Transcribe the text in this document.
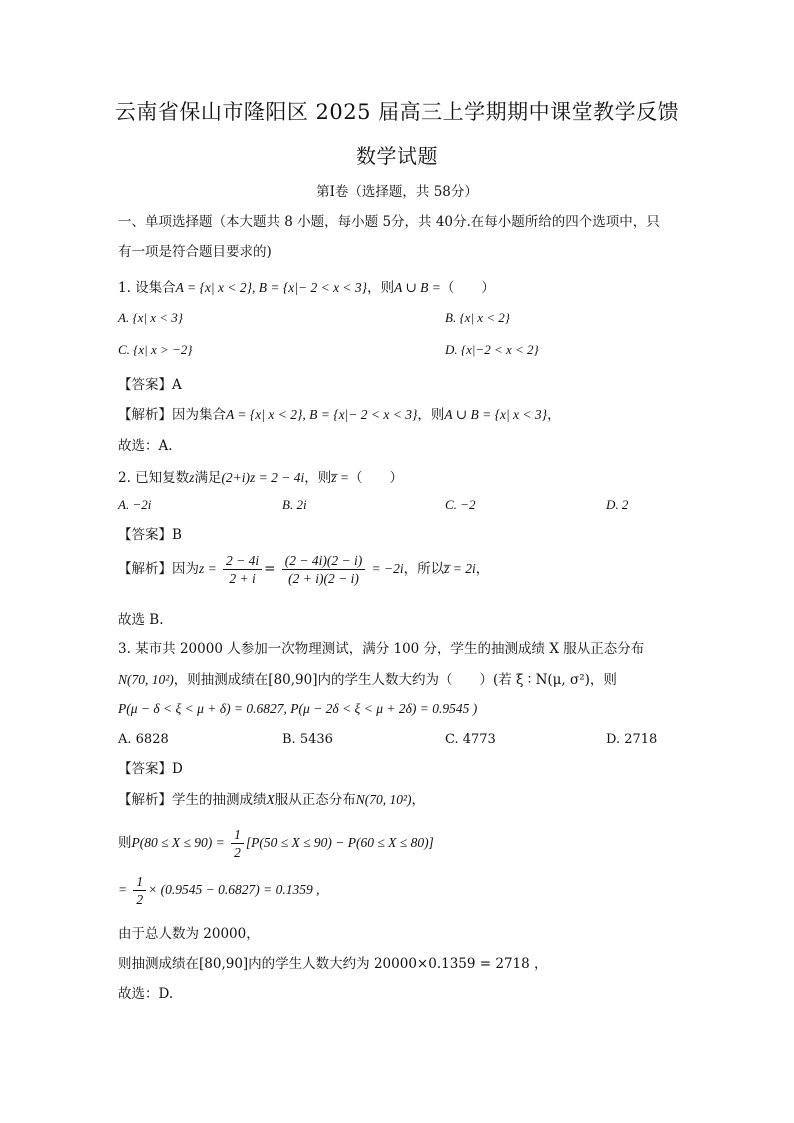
云南省保山市隆阳区 2025 届高三上学期期中课堂教学反馈
数学试题
第I卷（选择题，共 58分）
一、单项选择题（本大题共 8 小题，每小题 5分，共 40分.在每小题所给的四个选项中，只
有一项是符合题目要求的)
1. 设集合A = {x| x < 2}, B = {x|− 2 < x < 3}，则A ∪ B =（　　）
A. {x| x < 3}	B. {x| x < 2}
C. {x| x > −2}	D. {x|−2 < x < 2}
【答案】A
【解析】因为集合A = {x| x < 2}, B = {x|− 2 < x < 3}，则A ∪ B = {x| x < 3}，
故选：A.
2. 已知复数z满足(2+i)z = 2 − 4i，则z̅ =（　　）
A. −2i	B. 2i	C. −2	D. 2
【答案】B
【解析】因为$z = \frac{2 - 4i}{2 + i} = \frac{(2 - 4i)(2 - i)}{(2 + i)(2 - i)} = -2i$，所以z̅ = 2i，
故选 B.
3. 某市共 20000 人参加一次物理测试，满分 100 分，学生的抽测成绩 X 服从正态分布
N(70, 10²)，则抽测成绩在[80,90]内的学生人数大约为（　　）(若 ξ ∶ N(μ, σ²)，则
P(μ − δ < ξ < μ + δ) = 0.6827, P(μ − 2δ < ξ < μ + 2δ) = 0.9545 )
A. 6828	B. 5436	C. 4773	D. 2718
【答案】D
【解析】学生的抽测成绩X服从正态分布N(70, 10²)，
则$P(80 \le X \le 90) = \frac{1}{2} [P(50 \le X \le 90) - P(60 \le X \le 80)]$
= $\frac{1}{2} \times (0.9545 - 0.6827) = 0.1359$ ,
由于总人数为 20000，
则抽测成绩在[80,90]内的学生人数大约为 20000×0.1359 = 2718 ，
故选：D.
